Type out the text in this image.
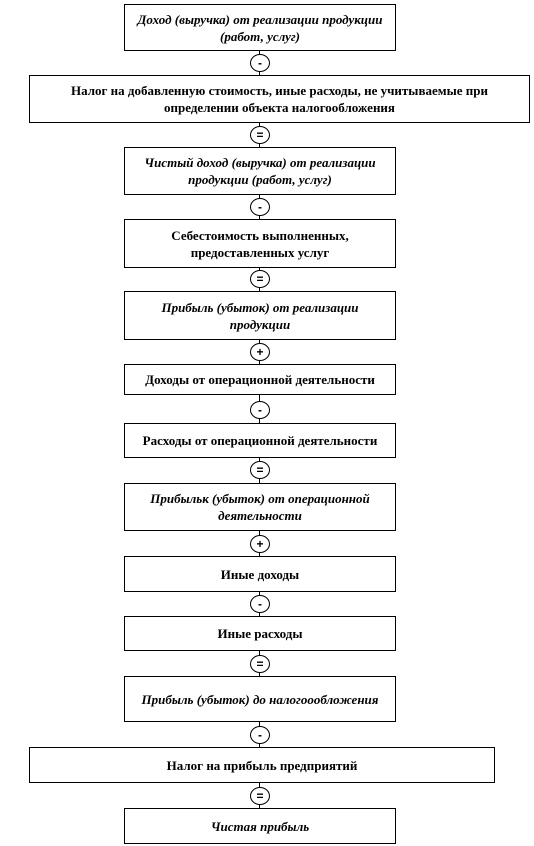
Доход (выручка) от реализации продукции (работ, услуг)
Налог на добавленную стоимость, иные расходы, не учитываемые при определении объекта налогообложения
Чистый доход (выручка) от реализации продукции (работ, услуг)
Себестоимость выполненных, предоставленных услуг
Прибыль (убыток) от реализации продукции
Доходы от операционной деятельности
Расходы от операционной деятельности
Прибыльк (убыток) от операционной деятельности
Иные доходы
Иные расходы
Прибыль (убыток) до налогоообложения
Налог на прибыль предприятий
Чистая прибыль
-
=
-
=
+
-
=
+
-
=
-
=
